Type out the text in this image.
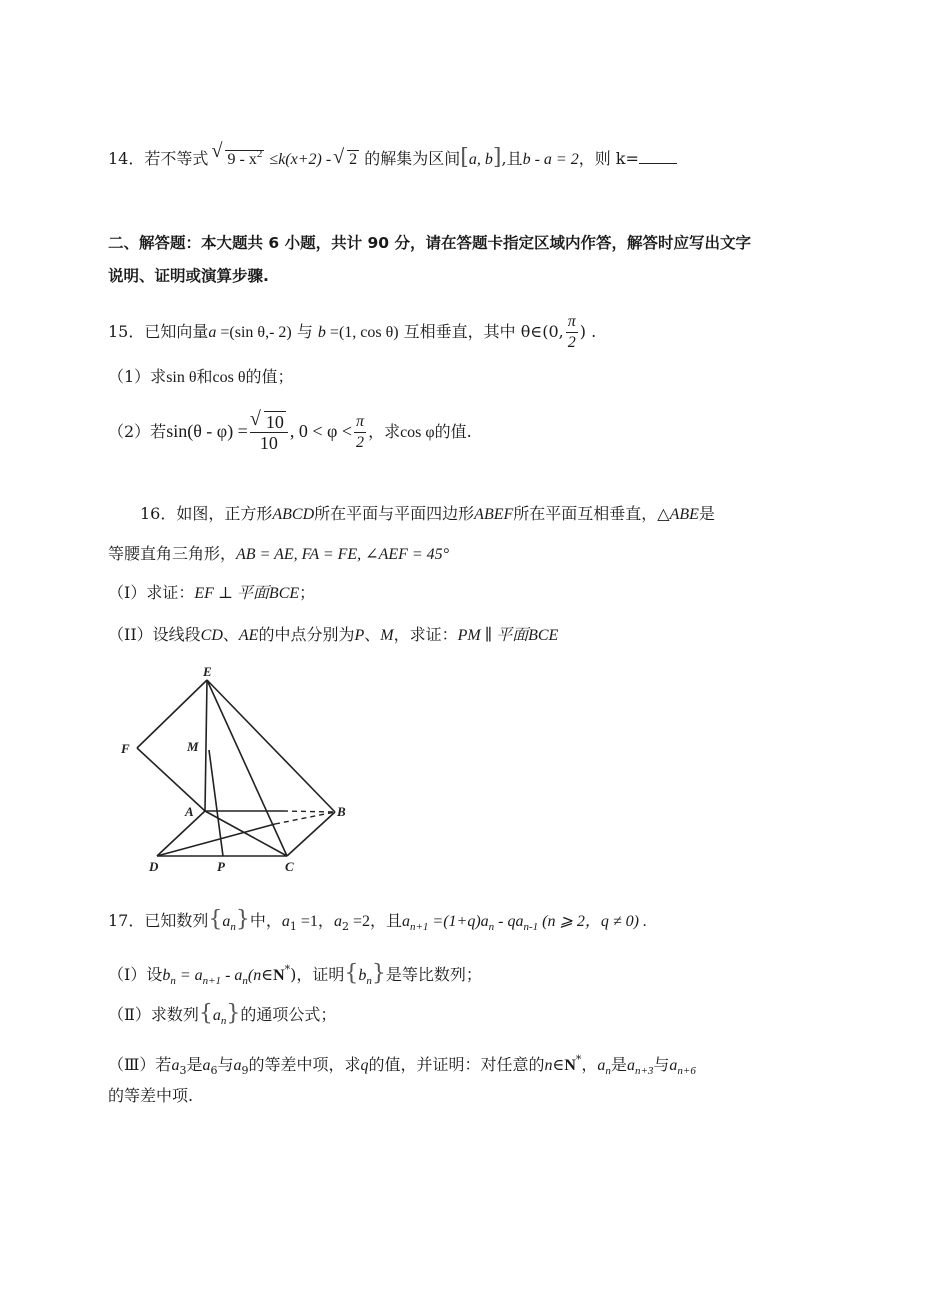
14．若不等式 √ $9 - x^2 \le k(x+2)$ - √ 2 的解集为区间[a, b],且b - a = 2，则 k=
二、解答题：本大题共 6 小题，共计 90 分，请在答题卡指定区域内作答，解答时应写出文字
说明、证明或演算步骤.
15．已知向量a =(sin θ,- 2) 与 b =(1, cos θ) 互相垂直，其中 θ∈(0, $\frac{\pi}{2}$ ) .
（1）求sin θ和cos θ的值；
（2）若sin(θ - φ) = √ $\frac{10}{10}$ , $0 < \varphi < \frac{\pi}{2}$ ，求cos φ的值.
16．如图，正方形ABCD所在平面与平面四边形ABEF所在平面互相垂直，△ABE是
等腰直角三角形，AB = AE, FA = FE, ∠AEF = 45°
（I）求证：EF ⊥ 平面BCE；
（II）设线段CD、AE的中点分别为P、M，求证：PM ∥ 平面BCE
E
F	M
A	B
D	P	C
17．已知数列$\{a_n\}$中，$a_1 =1$，$a_2 =2$，且$a_{n+1} =(1+q)a_n - qa_{n-1}$ (n ⩾ 2，q ≠ 0) .
（Ⅰ）设$b_n = a_{n+1}$ - $a_n(n\in N^*)$，证明$\{b_n\}$是等比数列；
（Ⅱ）求数列$\{a_n\}$的通项公式；
（Ⅲ）若$a_3$是$a_6$与$a_9$的等差中项，求q的值，并证明：对任意的n∈N*，$a_n$是$a_{n+3}$与$a_{n+6}$
的等差中项.
